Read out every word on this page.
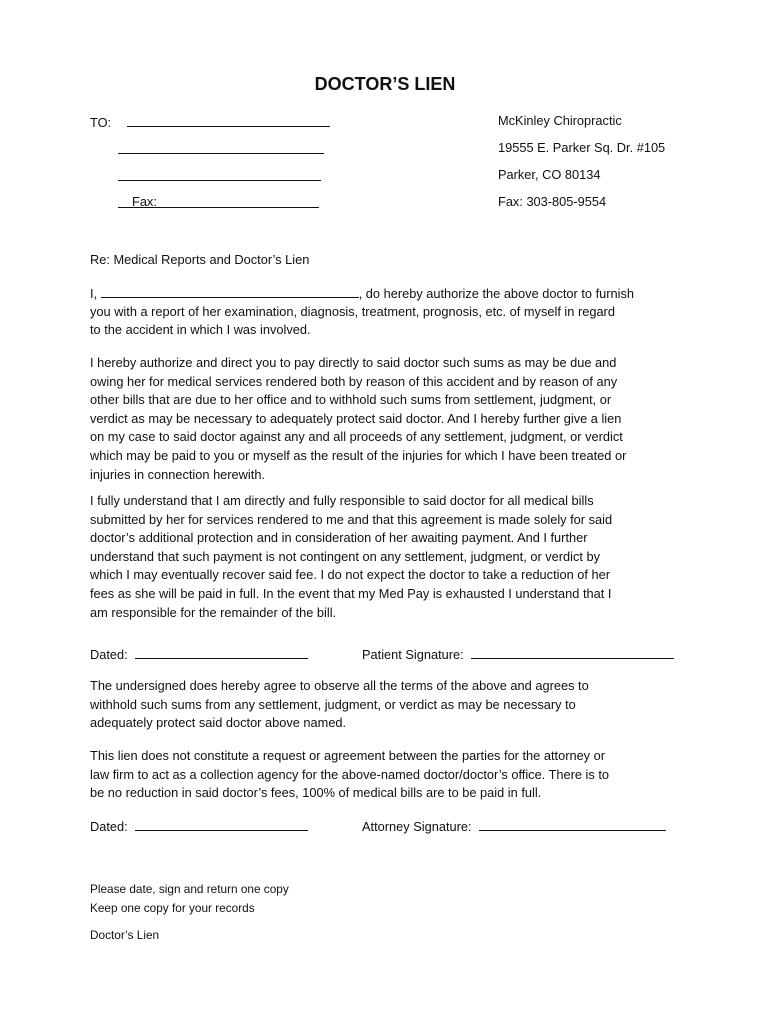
DOCTOR’S LIEN
TO:
Fax:
McKinley Chiropractic
19555 E. Parker Sq. Dr. #105
Parker, CO 80134
Fax: 303-805-9554
Re: Medical Reports and Doctor’s Lien
I,	, do hereby authorize the above doctor to furnish
you with a report of her examination, diagnosis, treatment, prognosis, etc. of myself in regard
to the accident in which I was involved.
I hereby authorize and direct you to pay directly to said doctor such sums as may be due and
owing her for medical services rendered both by reason of this accident and by reason of any
other bills that are due to her office and to withhold such sums from settlement, judgment, or
verdict as may be necessary to adequately protect said doctor. And I hereby further give a lien
on my case to said doctor against any and all proceeds of any settlement, judgment, or verdict
which may be paid to you or myself as the result of the injuries for which I have been treated or
injuries in connection herewith.
I fully understand that I am directly and fully responsible to said doctor for all medical bills
submitted by her for services rendered to me and that this agreement is made solely for said
doctor’s additional protection and in consideration of her awaiting payment. And I further
understand that such payment is not contingent on any settlement, judgment, or verdict by
which I may eventually recover said fee. I do not expect the doctor to take a reduction of her
fees as she will be paid in full. In the event that my Med Pay is exhausted I understand that I
am responsible for the remainder of the bill.
Dated:	Patient Signature:
The undersigned does hereby agree to observe all the terms of the above and agrees to
withhold such sums from any settlement, judgment, or verdict as may be necessary to
adequately protect said doctor above named.
This lien does not constitute a request or agreement between the parties for the attorney or
law firm to act as a collection agency for the above-named doctor/doctor’s office. There is to
be no reduction in said doctor’s fees, 100% of medical bills are to be paid in full.
Dated:	Attorney Signature:
Please date, sign and return one copy
Keep one copy for your records
Doctor’s Lien
